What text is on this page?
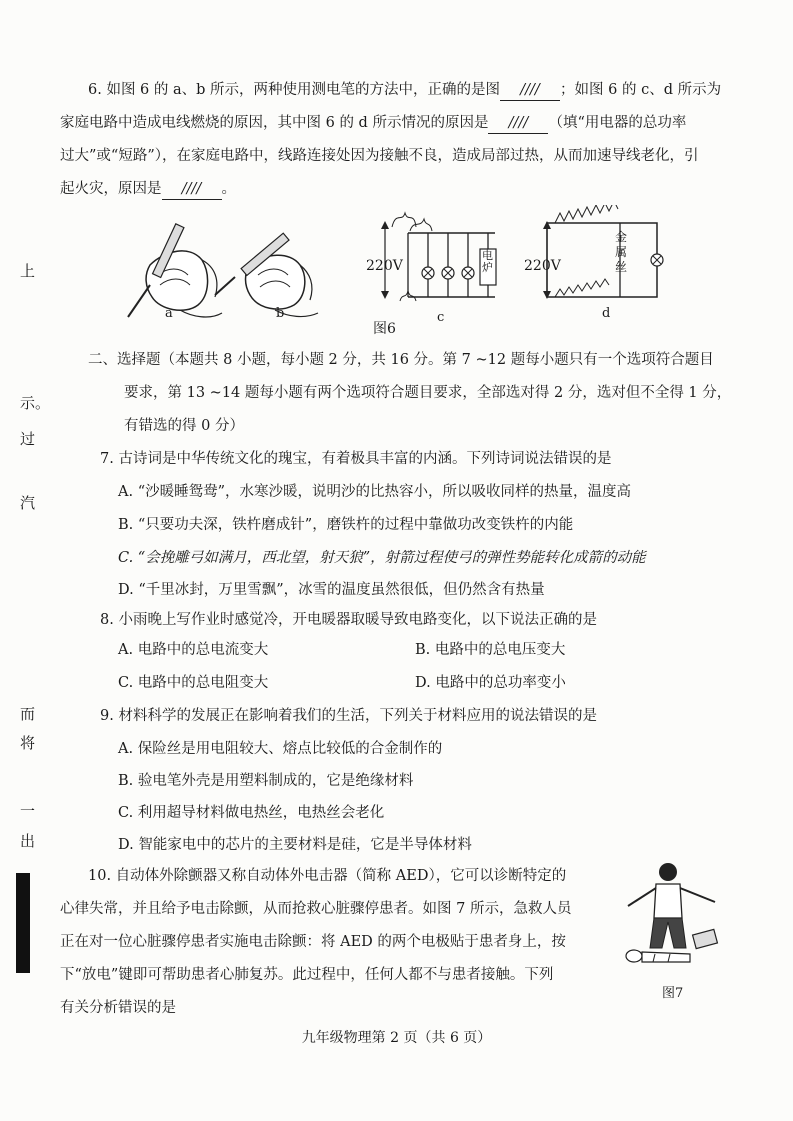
上
示。
过
汽
而
将
一
出
6. 如图 6 的 a、b 所示，两种使用测电笔的方法中，正确的是图 //// ；如图 6 的 c、d 所示为
家庭电路中造成电线燃烧的原因，其中图 6 的 d 所示情况的原因是 //// （填“用电器的总功率
过大”或“短路”），在家庭电路中，线路连接处因为接触不良，造成局部过热，从而加速导线老化，引
起火灾，原因是 //// 。
a	b	c	d
220V	220V
电炉
金属丝
图6
二、选择题（本题共 8 小题，每小题 2 分，共 16 分。第 7 ~12 题每小题只有一个选项符合题目
要求，第 13 ~14 题每小题有两个选项符合题目要求，全部选对得 2 分，选对但不全得 1 分，
有错选的得 0 分）
7. 古诗词是中华传统文化的瑰宝，有着极具丰富的内涵。下列诗词说法错误的是
A. “沙暖睡鸳鸯”，水寒沙暖，说明沙的比热容小，所以吸收同样的热量，温度高
B. “只要功夫深，铁杵磨成针”，磨铁杵的过程中靠做功改变铁杵的内能
C. “会挽雕弓如满月，西北望，射天狼”，射箭过程使弓的弹性势能转化成箭的动能
D. “千里冰封，万里雪飘”，冰雪的温度虽然很低，但仍然含有热量
8. 小雨晚上写作业时感觉冷，开电暖器取暖导致电路变化，以下说法正确的是
A. 电路中的总电流变大	B. 电路中的总电压变大
C. 电路中的总电阻变大	D. 电路中的总功率变小
9. 材料科学的发展正在影响着我们的生活，下列关于材料应用的说法错误的是
A. 保险丝是用电阻较大、熔点比较低的合金制作的
B. 验电笔外壳是用塑料制成的，它是绝缘材料
C. 利用超导材料做电热丝，电热丝会老化
D. 智能家电中的芯片的主要材料是硅，它是半导体材料
10. 自动体外除颤器又称自动体外电击器（简称 AED），它可以诊断特定的
心律失常，并且给予电击除颤，从而抢救心脏骤停患者。如图 7 所示，急救人员
正在对一位心脏骤停患者实施电击除颤：将 AED 的两个电极贴于患者身上，按
下“放电”键即可帮助患者心肺复苏。此过程中，任何人都不与患者接触。下列
有关分析错误的是
图7
九年级物理第 2 页（共 6 页）
